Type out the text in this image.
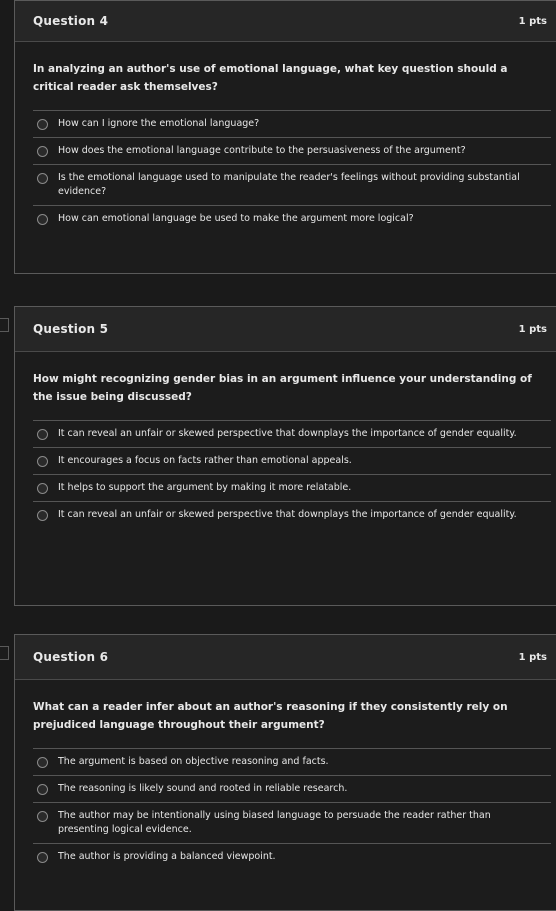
Question 4	1 pts
In analyzing an author's use of emotional language, what key question should a critical reader ask themselves?
How can I ignore the emotional language?
How does the emotional language contribute to the persuasiveness of the argument?
Is the emotional language used to manipulate the reader's feelings without providing substantial evidence?
How can emotional language be used to make the argument more logical?
Question 5	1 pts
How might recognizing gender bias in an argument influence your understanding of the issue being discussed?
It can reveal an unfair or skewed perspective that downplays the importance of gender equality.
It encourages a focus on facts rather than emotional appeals.
It helps to support the argument by making it more relatable.
It can reveal an unfair or skewed perspective that downplays the importance of gender equality.
Question 6	1 pts
What can a reader infer about an author's reasoning if they consistently rely on prejudiced language throughout their argument?
The argument is based on objective reasoning and facts.
The reasoning is likely sound and rooted in reliable research.
The author may be intentionally using biased language to persuade the reader rather than presenting logical evidence.
The author is providing a balanced viewpoint.
